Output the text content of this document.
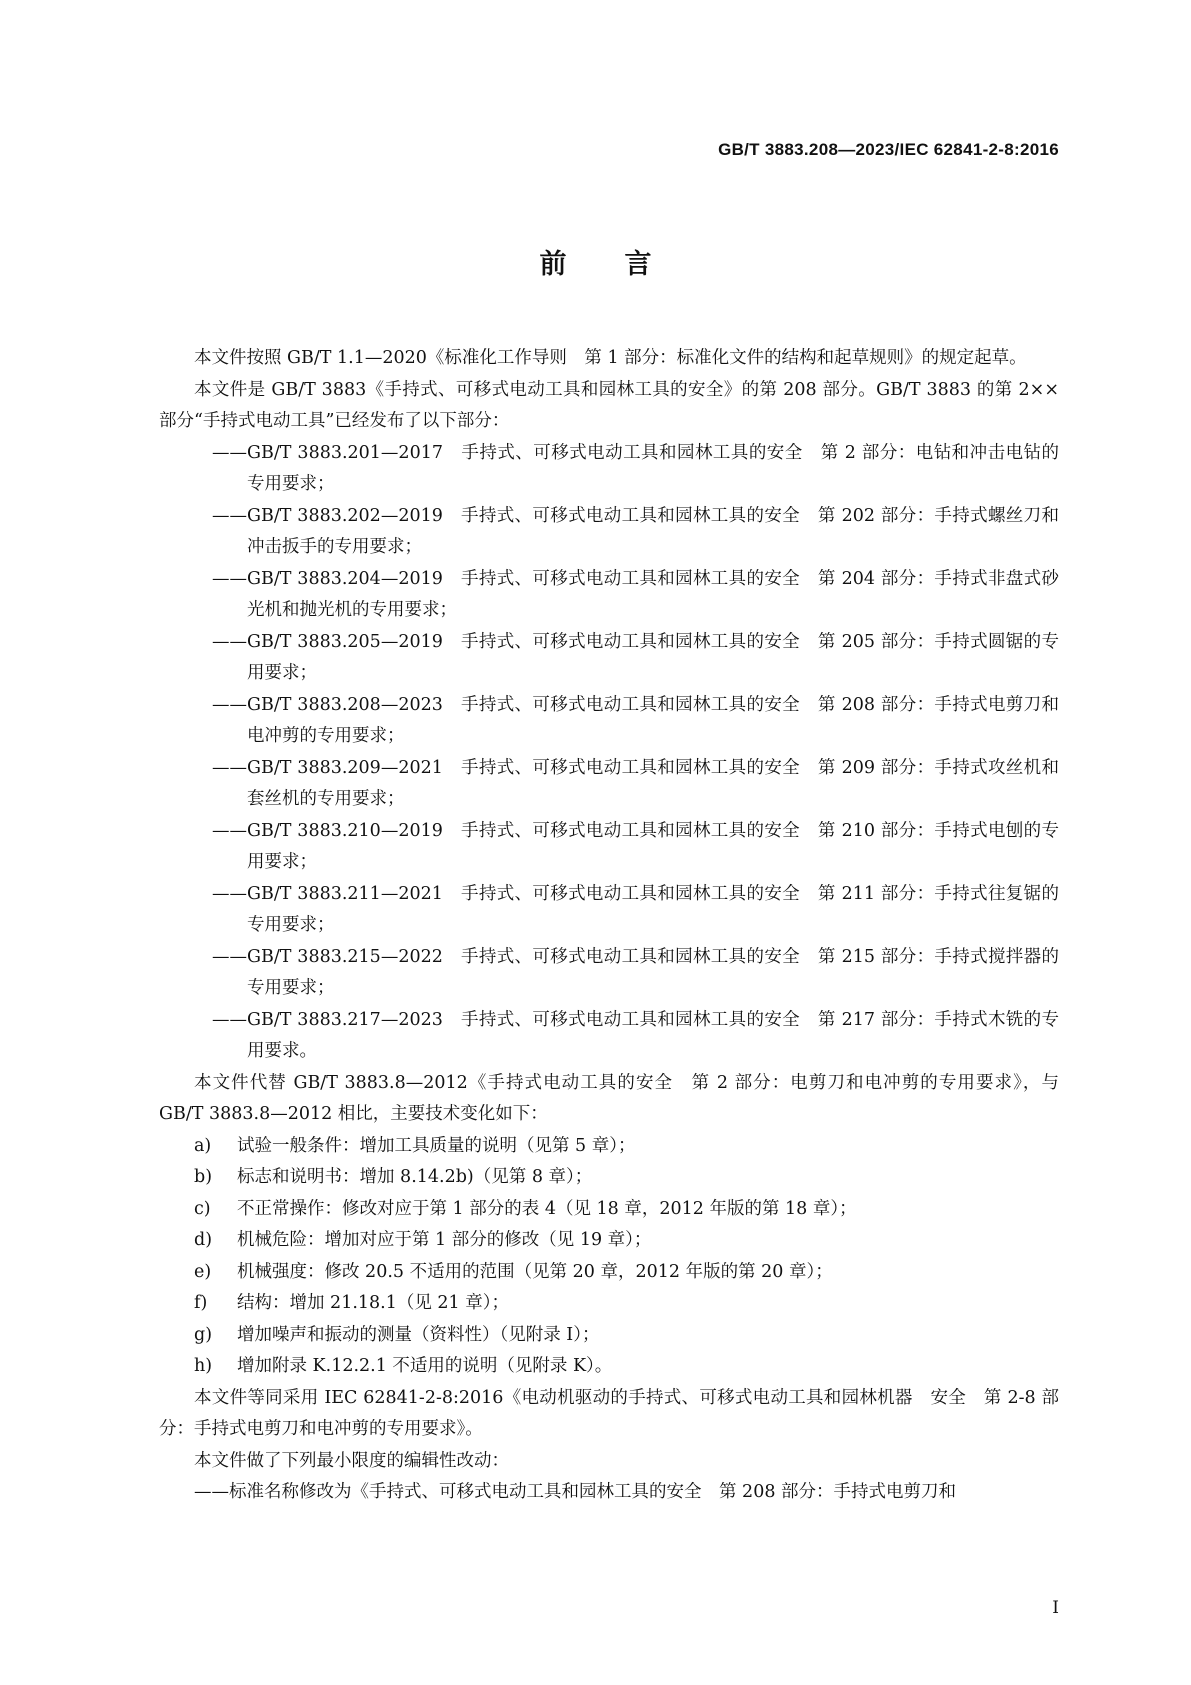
GB/T 3883.208—2023/IEC 62841-2-8:2016
前言

本文件按照 GB/T 1.1—2020《标准化工作导则　第 1 部分：标准化文件的结构和起草规则》的规定起草。

本文件是 GB/T 3883《手持式、可移式电动工具和园林工具的安全》的第 208 部分。GB/T 3883 的第 2××部分“手持式电动工具”已经发布了以下部分：

——GB/T 3883.201—2017　手持式、可移式电动工具和园林工具的安全　第 2 部分：电钻和冲击电钻的专用要求；

——GB/T 3883.202—2019　手持式、可移式电动工具和园林工具的安全　第 202 部分：手持式螺丝刀和冲击扳手的专用要求；

——GB/T 3883.204—2019　手持式、可移式电动工具和园林工具的安全　第 204 部分：手持式非盘式砂光机和抛光机的专用要求；

——GB/T 3883.205—2019　手持式、可移式电动工具和园林工具的安全　第 205 部分：手持式圆锯的专用要求；

——GB/T 3883.208—2023　手持式、可移式电动工具和园林工具的安全　第 208 部分：手持式电剪刀和电冲剪的专用要求；

——GB/T 3883.209—2021　手持式、可移式电动工具和园林工具的安全　第 209 部分：手持式攻丝机和套丝机的专用要求；

——GB/T 3883.210—2019　手持式、可移式电动工具和园林工具的安全　第 210 部分：手持式电刨的专用要求；

——GB/T 3883.211—2021　手持式、可移式电动工具和园林工具的安全　第 211 部分：手持式往复锯的专用要求；

——GB/T 3883.215—2022　手持式、可移式电动工具和园林工具的安全　第 215 部分：手持式搅拌器的专用要求；

——GB/T 3883.217—2023　手持式、可移式电动工具和园林工具的安全　第 217 部分：手持式木铣的专用要求。

本文件代替 GB/T 3883.8—2012《手持式电动工具的安全　第 2 部分：电剪刀和电冲剪的专用要求》，与 GB/T 3883.8—2012 相比，主要技术变化如下：

a) 试验一般条件：增加工具质量的说明（见第 5 章）；

b) 标志和说明书：增加 8.14.2b)（见第 8 章）；

c) 不正常操作：修改对应于第 1 部分的表 4（见 18 章，2012 年版的第 18 章）；

d) 机械危险：增加对应于第 1 部分的修改（见 19 章）；

e) 机械强度：修改 20.5 不适用的范围（见第 20 章，2012 年版的第 20 章）；

f) 结构：增加 21.18.1（见 21 章）；

g) 增加噪声和振动的测量（资料性）（见附录 I）；

h) 增加附录 K.12.2.1 不适用的说明（见附录 K）。

本文件等同采用 IEC 62841-2-8:2016《电动机驱动的手持式、可移式电动工具和园林机器　安全　第 2-8 部分：手持式电剪刀和电冲剪的专用要求》。

本文件做了下列最小限度的编辑性改动：

——标准名称修改为《手持式、可移式电动工具和园林工具的安全　第 208 部分：手持式电剪刀和

I
